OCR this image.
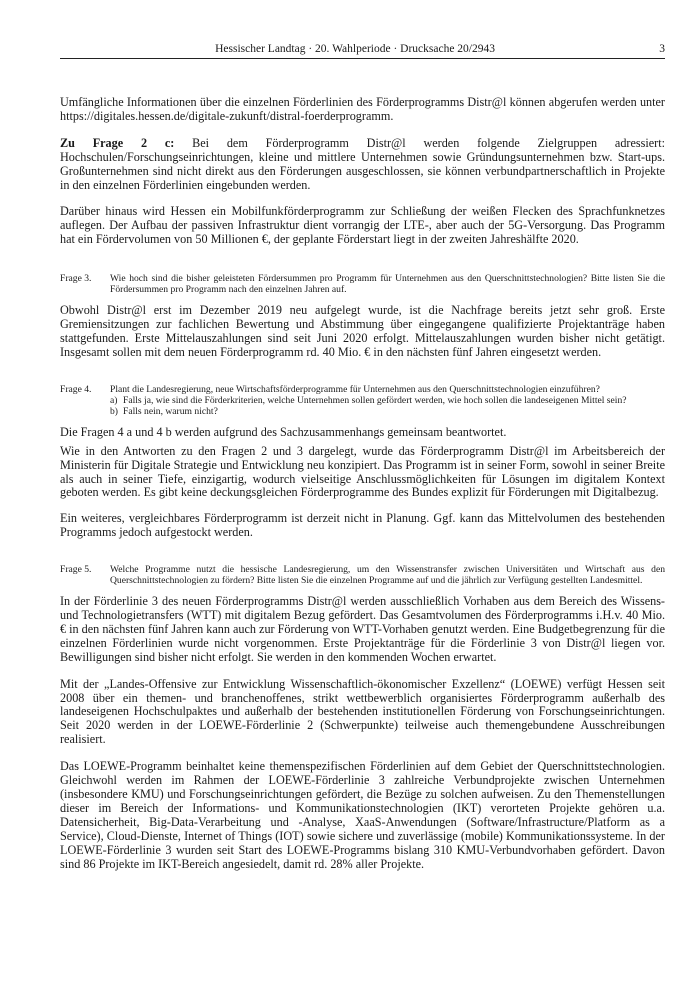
Hessischer Landtag · 20. Wahlperiode · Drucksache 20/2943	3

Umfängliche Informationen über die einzelnen Förderlinien des Förderprogramms Distr@l können abgerufen werden unter https://digitales.hessen.de/digitale-zukunft/distral-foerderprogramm.

Zu Frage 2 c: Bei dem Förderprogramm Distr@l werden folgende Zielgruppen adressiert: Hochschulen/Forschungseinrichtungen, kleine und mittlere Unternehmen sowie Gründungsunternehmen bzw. Start-ups. Großunternehmen sind nicht direkt aus den Förderungen ausgeschlossen, sie können verbundpartnerschaftlich in Projekte in den einzelnen Förderlinien eingebunden werden.

Darüber hinaus wird Hessen ein Mobilfunkförderprogramm zur Schließung der weißen Flecken des Sprachfunknetzes auflegen. Der Aufbau der passiven Infrastruktur dient vorrangig der LTE-, aber auch der 5G-Versorgung. Das Programm hat ein Fördervolumen von 50 Millionen €, der geplante Förderstart liegt in der zweiten Jahreshälfte 2020.

Frage 3. Wie hoch sind die bisher geleisteten Fördersummen pro Programm für Unternehmen aus den Querschnittstechnologien? Bitte listen Sie die Fördersummen pro Programm nach den einzelnen Jahren auf.

Obwohl Distr@l erst im Dezember 2019 neu aufgelegt wurde, ist die Nachfrage bereits jetzt sehr groß. Erste Gremiensitzungen zur fachlichen Bewertung und Abstimmung über eingegangene qualifizierte Projektanträge haben stattgefunden. Erste Mittelauszahlungen sind seit Juni 2020 erfolgt. Mittelauszahlungen wurden bisher nicht getätigt. Insgesamt sollen mit dem neuen Förderprogramm rd. 40 Mio. € in den nächsten fünf Jahren eingesetzt werden.

Frage 4. Plant die Landesregierung, neue Wirtschaftsförderprogramme für Unternehmen aus den Querschnittstechnologien einzuführen?
a) Falls ja, wie sind die Förderkriterien, welche Unternehmen sollen gefördert werden, wie hoch sollen die landeseigenen Mittel sein?
b) Falls nein, warum nicht?

Die Fragen 4 a und 4 b werden aufgrund des Sachzusammenhangs gemeinsam beantwortet.

Wie in den Antworten zu den Fragen 2 und 3 dargelegt, wurde das Förderprogramm Distr@l im Arbeitsbereich der Ministerin für Digitale Strategie und Entwicklung neu konzipiert. Das Programm ist in seiner Form, sowohl in seiner Breite als auch in seiner Tiefe, einzigartig, wodurch vielseitige Anschlussmöglichkeiten für Lösungen im digitalem Kontext geboten werden. Es gibt keine deckungsgleichen Förderprogramme des Bundes explizit für Förderungen mit Digitalbezug.

Ein weiteres, vergleichbares Förderprogramm ist derzeit nicht in Planung. Ggf. kann das Mittelvolumen des bestehenden Programms jedoch aufgestockt werden.

Frage 5. Welche Programme nutzt die hessische Landesregierung, um den Wissenstransfer zwischen Universitäten und Wirtschaft aus den Querschnittstechnologien zu fördern? Bitte listen Sie die einzelnen Programme auf und die jährlich zur Verfügung gestellten Landesmittel.

In der Förderlinie 3 des neuen Förderprogramms Distr@l werden ausschließlich Vorhaben aus dem Bereich des Wissens- und Technologietransfers (WTT) mit digitalem Bezug gefördert. Das Gesamtvolumen des Förderprogramms i.H.v. 40 Mio. € in den nächsten fünf Jahren kann auch zur Förderung von WTT-Vorhaben genutzt werden. Eine Budgetbegrenzung für die einzelnen Förderlinien wurde nicht vorgenommen. Erste Projektanträge für die Förderlinie 3 von Distr@l liegen vor. Bewilligungen sind bisher nicht erfolgt. Sie werden in den kommenden Wochen erwartet.

Mit der „Landes-Offensive zur Entwicklung Wissenschaftlich-ökonomischer Exzellenz“ (LOEWE) verfügt Hessen seit 2008 über ein themen- und branchenoffenes, strikt wettbewerblich organisiertes Förderprogramm außerhalb des landeseigenen Hochschulpaktes und außerhalb der bestehenden institutionellen Förderung von Forschungseinrichtungen. Seit 2020 werden in der LOEWE-Förderlinie 2 (Schwerpunkte) teilweise auch themengebundene Ausschreibungen realisiert.

Das LOEWE-Programm beinhaltet keine themenspezifischen Förderlinien auf dem Gebiet der Querschnittstechnologien. Gleichwohl werden im Rahmen der LOEWE-Förderlinie 3 zahlreiche Verbundprojekte zwischen Unternehmen (insbesondere KMU) und Forschungseinrichtungen gefördert, die Bezüge zu solchen aufweisen. Zu den Themenstellungen dieser im Bereich der Informations- und Kommunikationstechnologien (IKT) verorteten Projekte gehören u.a. Datensicherheit, Big-Data-Verarbeitung und -Analyse, XaaS-Anwendungen (Software/Infrastructure/Platform as a Service), Cloud-Dienste, Internet of Things (IOT) sowie sichere und zuverlässige (mobile) Kommunikationssysteme. In der LOEWE-Förderlinie 3 wurden seit Start des LOEWE-Programms bislang 310 KMU-Verbundvorhaben gefördert. Davon sind 86 Projekte im IKT-Bereich angesiedelt, damit rd. 28% aller Projekte.
